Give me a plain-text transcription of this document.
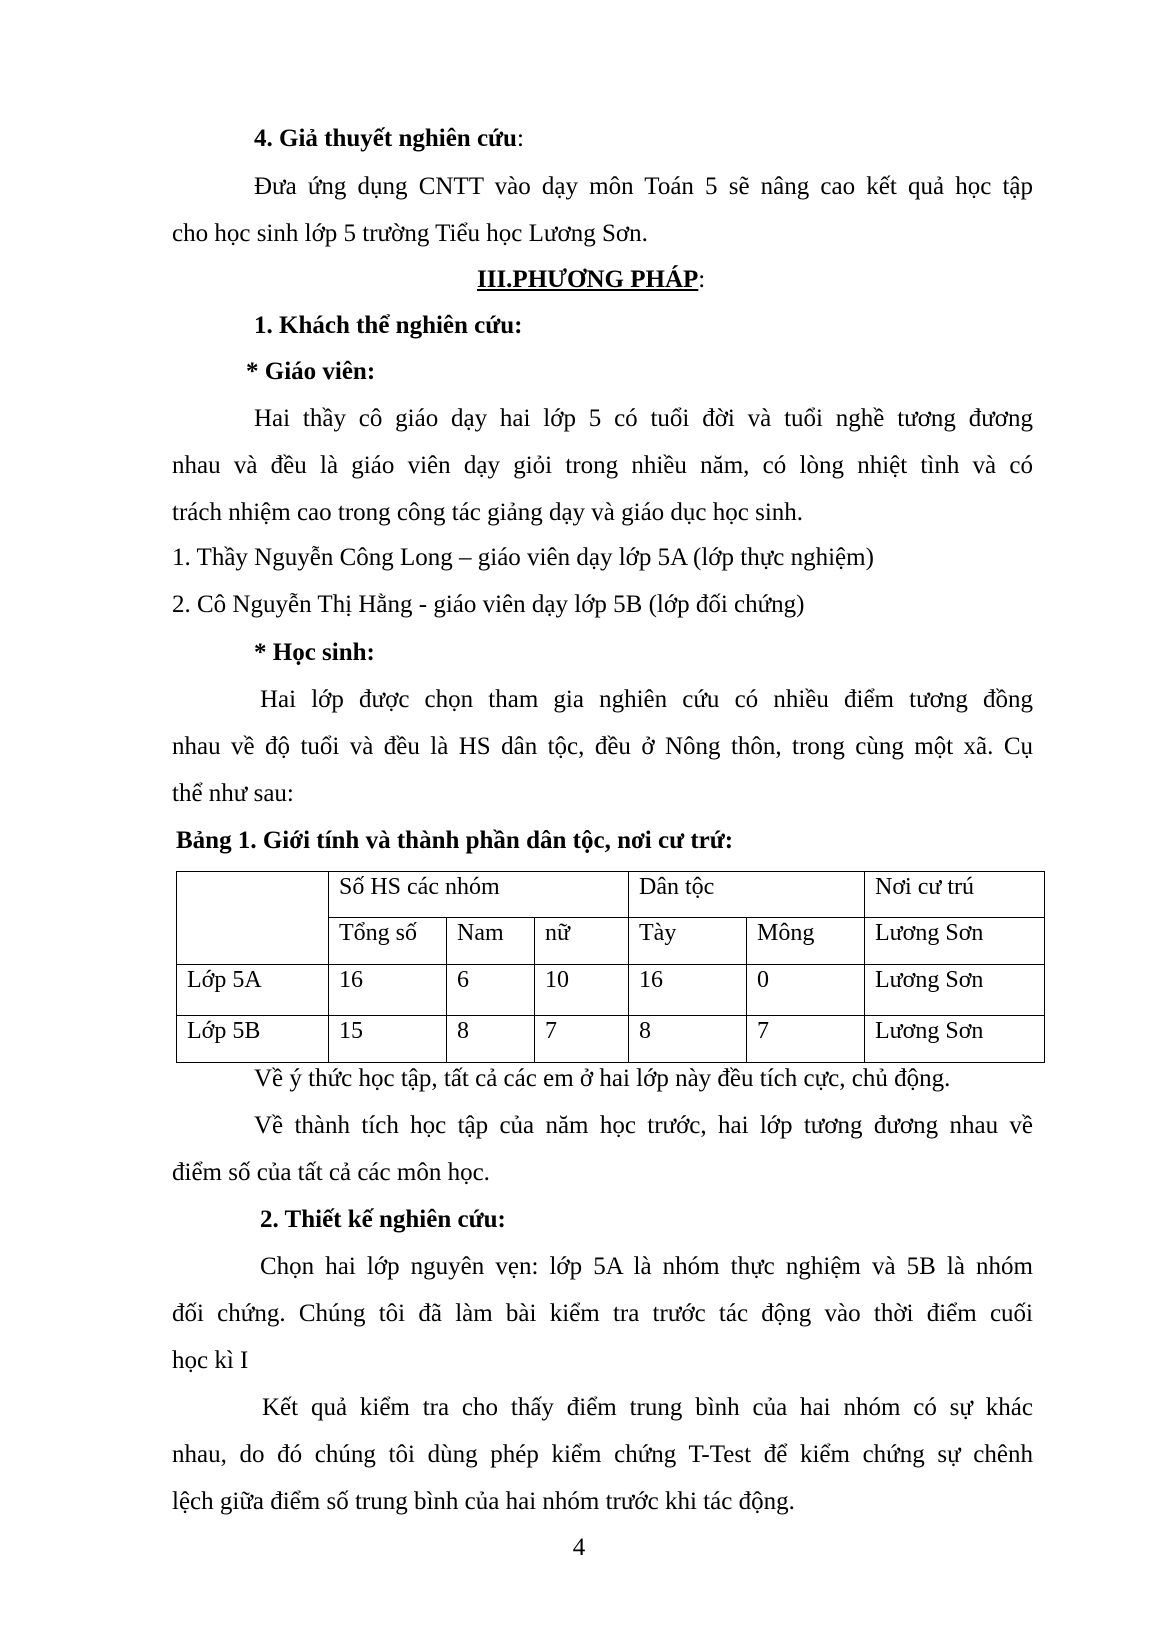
4. Giả thuyết nghiên cứu:
Đưa ứng dụng CNTT vào dạy môn Toán 5 sẽ nâng cao kết quả học tập
cho học sinh lớp 5 trường Tiểu học Lương Sơn.
III.PHƯƠNG PHÁP:
1. Khách thể nghiên cứu:
* Giáo viên:
Hai thầy cô giáo dạy hai lớp 5 có tuổi đời và tuổi nghề tương đương
nhau và đều là giáo viên dạy giỏi trong nhiều năm, có lòng nhiệt tình và có
trách nhiệm cao trong công tác giảng dạy và giáo dục học sinh.
1. Thầy Nguyễn Công Long – giáo viên dạy lớp 5A (lớp thực nghiệm)
2. Cô Nguyễn Thị Hằng - giáo viên dạy lớp 5B (lớp đối chứng)
* Học sinh:
Hai lớp được chọn tham gia nghiên cứu có nhiều điểm tương đồng
nhau về độ tuổi và đều là HS dân tộc, đều ở Nông thôn, trong cùng một xã. Cụ
thể như sau:
Bảng 1. Giới tính và thành phần dân tộc, nơi cư trứ:
	Số HS các nhóm			Dân tộc		Nơi cư trú
	Tổng số	Nam	nữ	Tày	Mông	Lương Sơn
Lớp 5A	16	6	10	16	0	Lương Sơn
Lớp 5B	15	8	7	8	7	Lương Sơn
Về ý thức học tập, tất cả các em ở hai lớp này đều tích cực, chủ động.
Về thành tích học tập của năm học trước, hai lớp tương đương nhau về
điểm số của tất cả các môn học.
2. Thiết kế nghiên cứu:
Chọn hai lớp nguyên vẹn: lớp 5A là nhóm thực nghiệm và 5B là nhóm
đối chứng. Chúng tôi đã làm bài kiểm tra trước tác động vào thời điểm cuối
học kì I
Kết quả kiểm tra cho thấy điểm trung bình của hai nhóm có sự khác
nhau, do đó chúng tôi dùng phép kiểm chứng T-Test để kiểm chứng sự chênh
lệch giữa điểm số trung bình của hai nhóm trước khi tác động.
4
